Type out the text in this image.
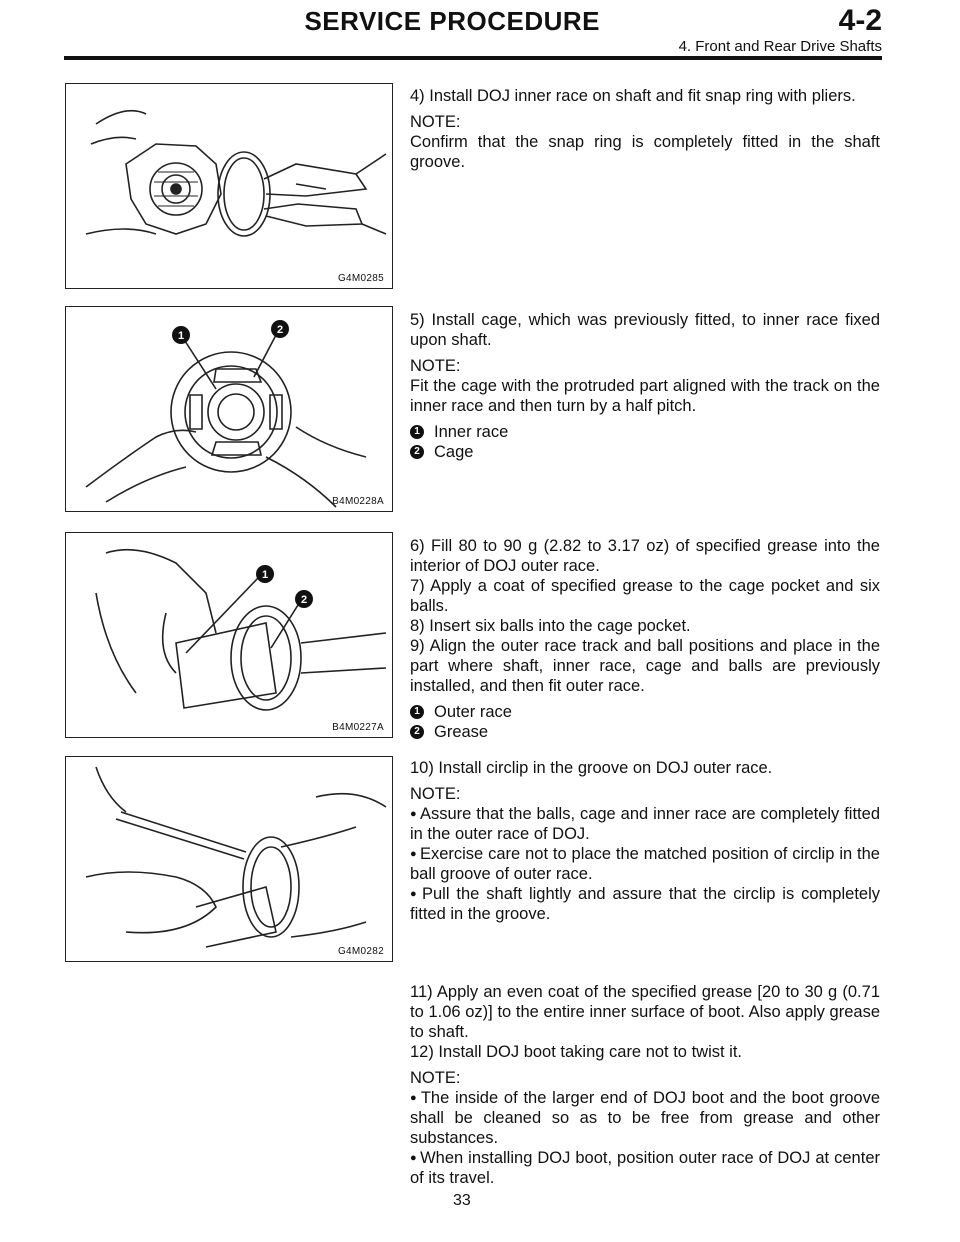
SERVICE PROCEDURE	4-2
4. Front and Rear Drive Shafts
G4M0285
1	2
B4M0228A
1
2
B4M0227A
G4M0282

4) Install DOJ inner race on shaft and fit snap ring with pliers.

NOTE:

Confirm that the snap ring is completely fitted in the shaft groove.

5) Install cage, which was previously fitted, to inner race fixed upon shaft.

NOTE:

Fit the cage with the protruded part aligned with the track on the inner race and then turn by a half pitch.

1 Inner race
2 Cage

6) Fill 80 to 90 g (2.82 to 3.17 oz) of specified grease into the interior of DOJ outer race.

7) Apply a coat of specified grease to the cage pocket and six balls.

8) Insert six balls into the cage pocket.

9) Align the outer race track and ball positions and place in the part where shaft, inner race, cage and balls are previously installed, and then fit outer race.

1 Outer race
2 Grease

10) Install circlip in the groove on DOJ outer race.

NOTE:

● Assure that the balls, cage and inner race are completely fitted in the outer race of DOJ.

● Exercise care not to place the matched position of circlip in the ball groove of outer race.

● Pull the shaft lightly and assure that the circlip is completely fitted in the groove.

11) Apply an even coat of the specified grease [20 to 30 g (0.71 to 1.06 oz)] to the entire inner surface of boot. Also apply grease to shaft.

12) Install DOJ boot taking care not to twist it.

NOTE:

● The inside of the larger end of DOJ boot and the boot groove shall be cleaned so as to be free from grease and other substances.

● When installing DOJ boot, position outer race of DOJ at center of its travel.

33
